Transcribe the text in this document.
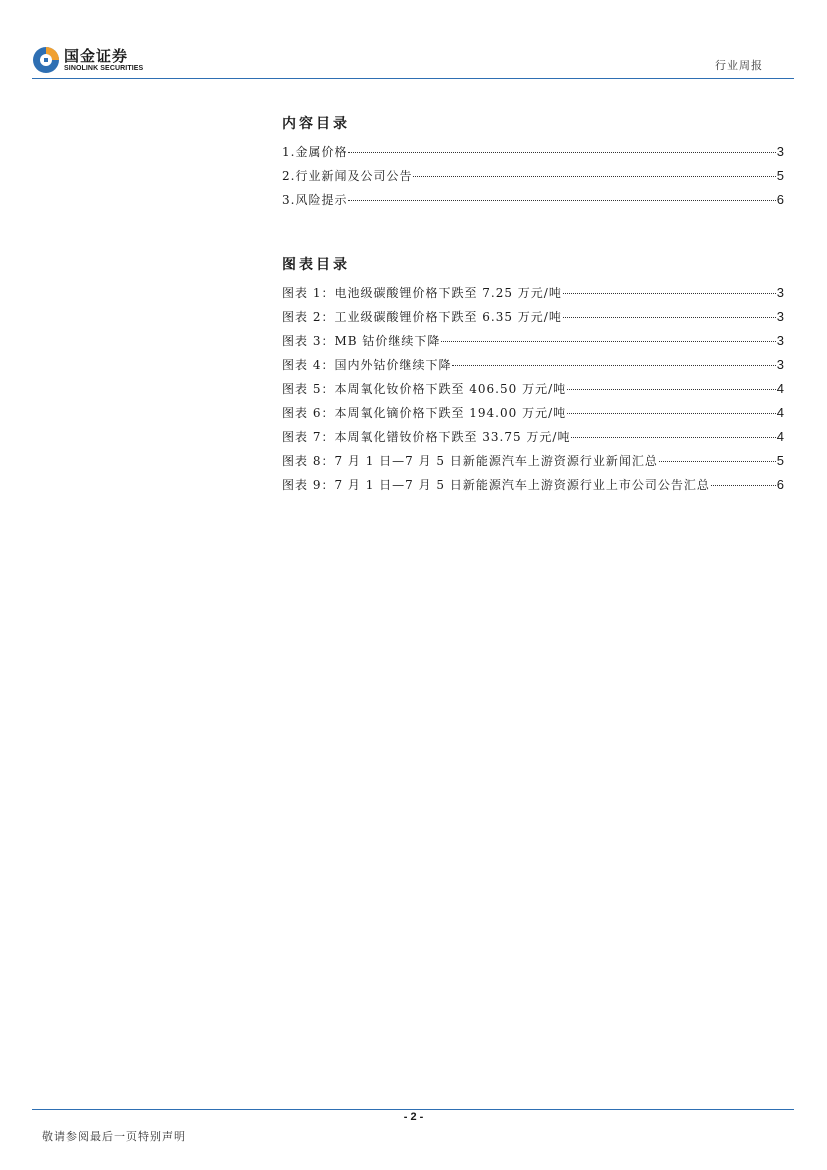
国金证券
SINOLINK SECURITIES	行业周报
内容目录
1.金属价格	3
2.行业新闻及公司公告	5
3.风险提示	6
图表目录
图表 1：电池级碳酸锂价格下跌至 7.25 万元/吨	3
图表 2：工业级碳酸锂价格下跌至 6.35 万元/吨	3
图表 3：MB 钴价继续下降	3
图表 4：国内外钴价继续下降	3
图表 5：本周氧化钕价格下跌至 406.50 万元/吨	4
图表 6：本周氧化镝价格下跌至 194.00 万元/吨	4
图表 7：本周氧化镨钕价格下跌至 33.75 万元/吨	4
图表 8：7 月 1 日—7 月 5 日新能源汽车上游资源行业新闻汇总	5
图表 9：7 月 1 日—7 月 5 日新能源汽车上游资源行业上市公司公告汇总	6
- 2 -
敬请参阅最后一页特别声明
